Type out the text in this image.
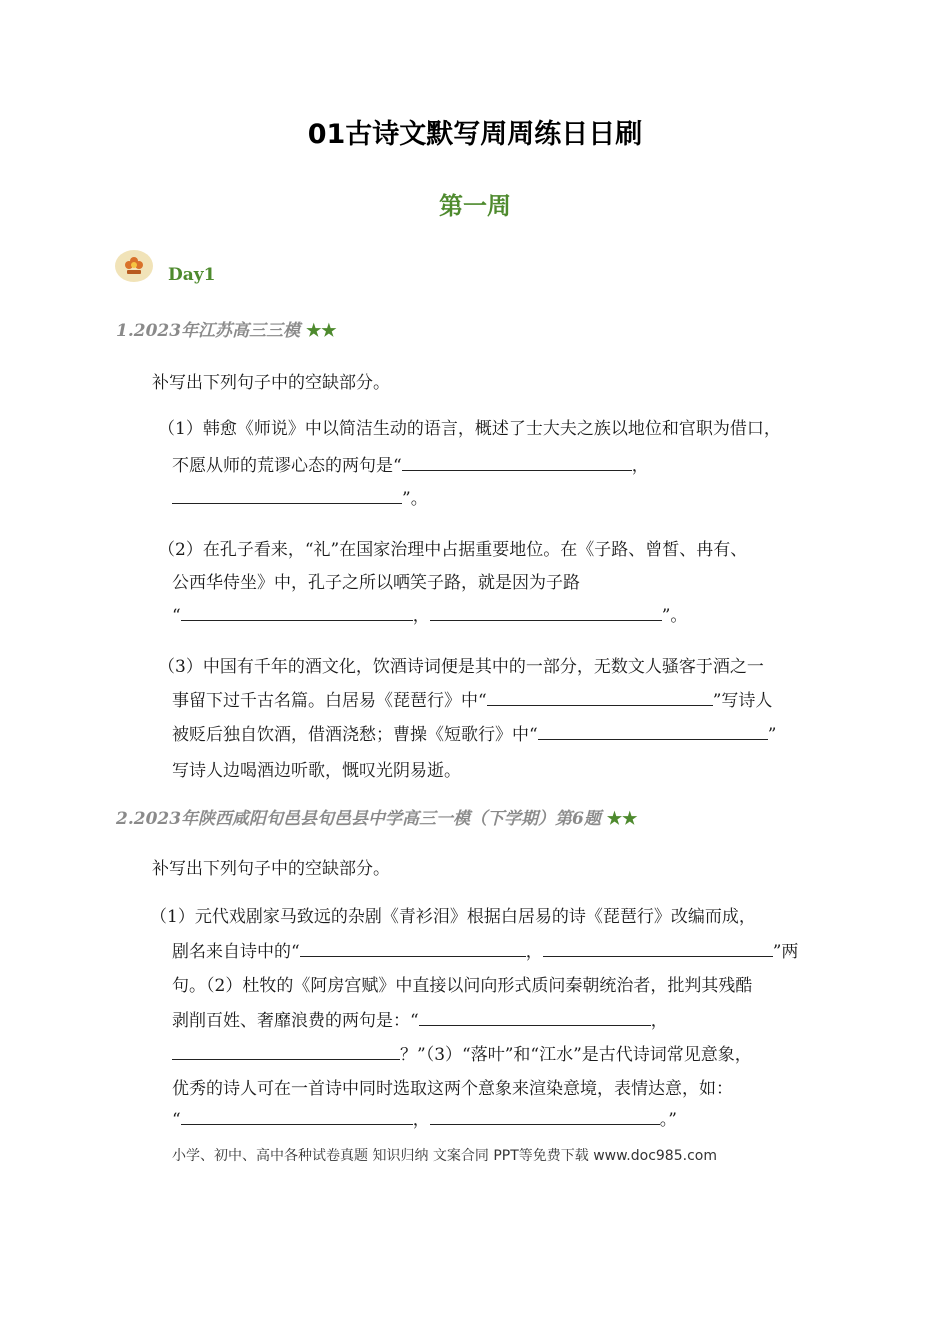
01古诗文默写周周练日日刷
第一周
Day1
1.2023年江苏高三三模 ★★
补写出下列句子中的空缺部分。
（1）韩愈《师说》中以简洁生动的语言，概述了士大夫之族以地位和官职为借口，
不愿从师的荒谬心态的两句是“	，
”。
（2）在孔子看来，“礼”在国家治理中占据重要地位。在《子路、曾皙、冉有、
公西华侍坐》中，孔子之所以哂笑子路，就是因为子路
“	，	”。
（3）中国有千年的酒文化，饮酒诗词便是其中的一部分，无数文人骚客于酒之一
事留下过千古名篇。白居易《琵琶行》中“	”写诗人
被贬后独自饮酒，借酒浇愁；曹操《短歌行》中“	”
写诗人边喝酒边听歌，慨叹光阴易逝。
2.2023年陕西咸阳旬邑县旬邑县中学高三一模（下学期）第6题 ★★
补写出下列句子中的空缺部分。
（1）元代戏剧家马致远的杂剧《青衫泪》根据白居易的诗《琵琶行》改编而成，
剧名来自诗中的“	，	”两
句。（2）杜牧的《阿房宫赋》中直接以问向形式质问秦朝统治者，批判其残酷
剥削百姓、奢靡浪费的两句是：“	，
？”（3）“落叶”和“江水”是古代诗词常见意象，
优秀的诗人可在一首诗中同时选取这两个意象来渲染意境，表情达意，如：
“	，	。”
小学、初中、高中各种试卷真题 知识归纳 文案合同 PPT等免费下载 www.doc985.com
